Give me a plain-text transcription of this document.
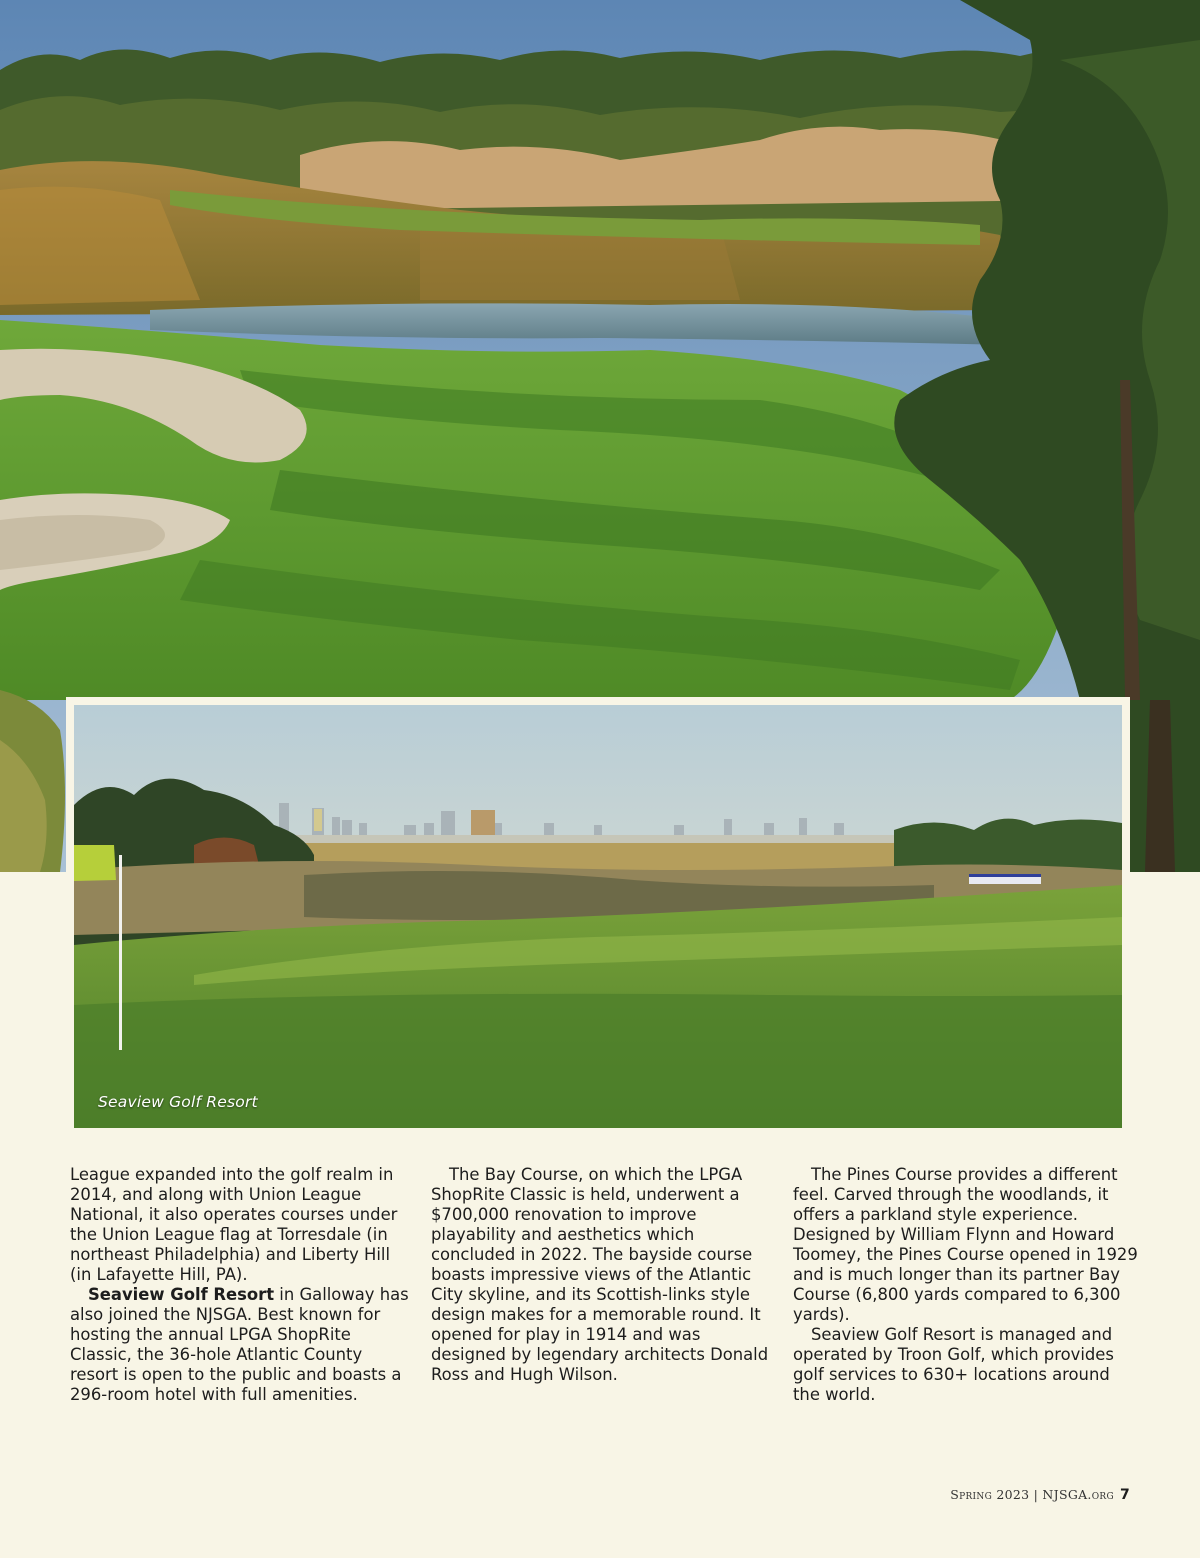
Seaview Golf Resort

League expanded into the golf realm in 2014, and along with Union League National, it also operates courses under the Union League flag at Torresdale (in northeast Philadelphia) and Liberty Hill (in Lafayette Hill, PA).

Seaview Golf Resort in Galloway has also joined the NJSGA. Best known for hosting the annual LPGA ShopRite Classic, the 36-hole Atlantic County resort is open to the public and boasts a 296-room hotel with full amenities.

The Bay Course, on which the LPGA ShopRite Classic is held, underwent a $700,000 renovation to improve playability and aesthetics which concluded in 2022. The bayside course boasts impressive views of the Atlantic City skyline, and its Scottish-links style design makes for a memorable round. It opened for play in 1914 and was designed by legendary architects Donald Ross and Hugh Wilson.

The Pines Course provides a different feel. Carved through the woodlands, it offers a parkland style experience. Designed by William Flynn and Howard Toomey, the Pines Course opened in 1929 and is much longer than its partner Bay Course (6,800 yards compared to 6,300 yards).

Seaview Golf Resort is managed and operated by Troon Golf, which provides golf services to 630+ locations around the world.

Spring 2023 | NJSGA.org 7
